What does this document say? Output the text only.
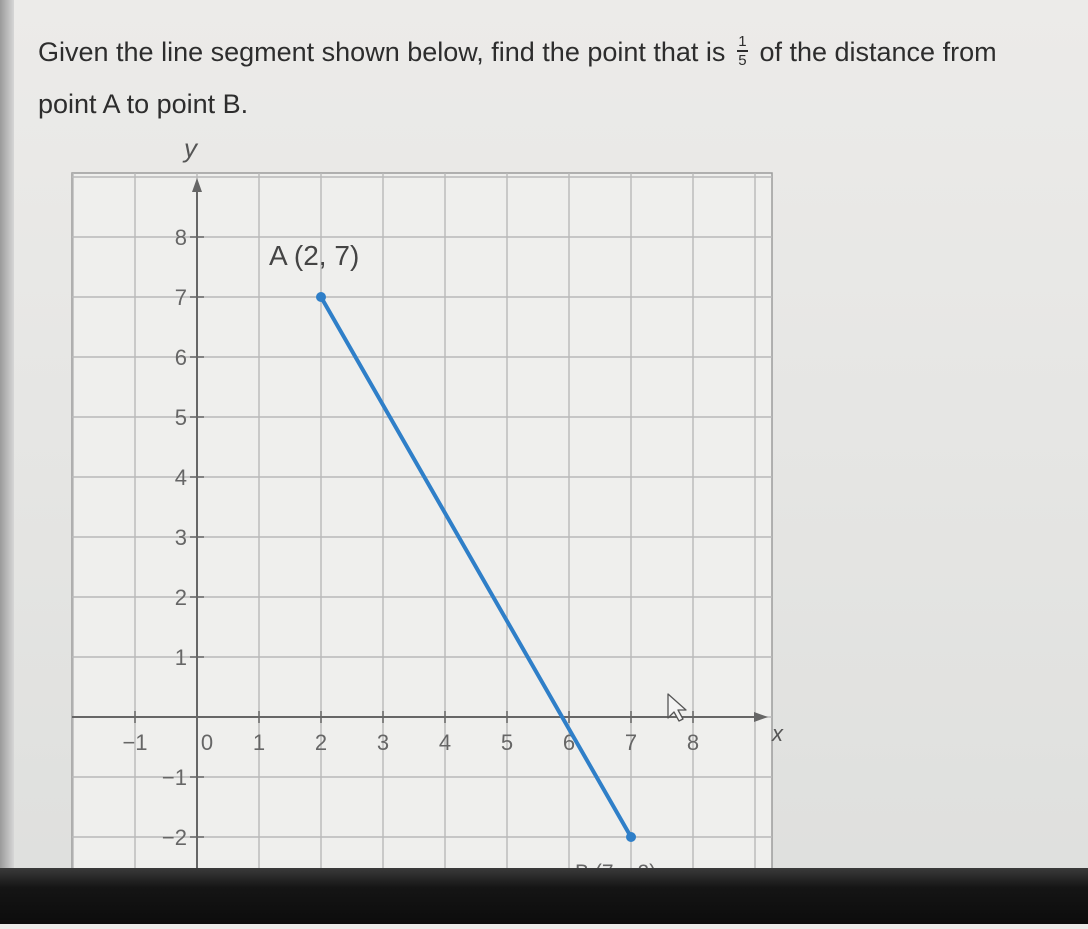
Given the line segment shown below, find the point that is $\frac{1}{5}$ of the distance from
point A to point B.
x
y
−1 0 1 2 3 4 5 6 7 8
8
7
6
5
4
3
2
1
−1
−2
A (2, 7)
